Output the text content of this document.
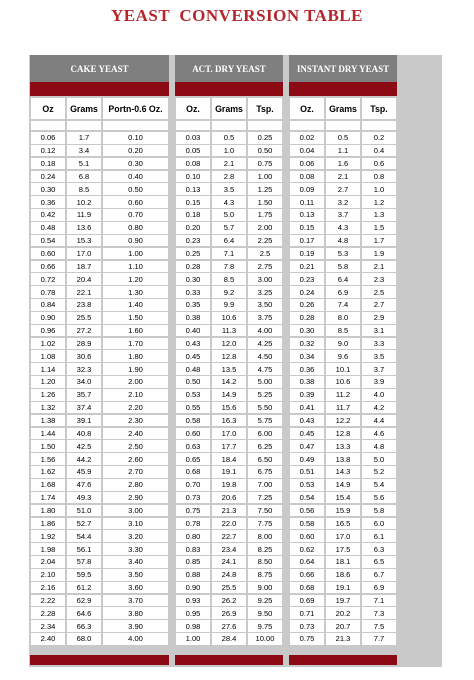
YEAST  CONVERSION TABLE
CAKE YEAST	ACT. DRY YEAST	INSTANT DRY YEAST
Oz	Grams	Portn-0.6 Oz.	Oz.	Grams	Tsp.	Oz.	Grams	Tsp.
0.06	1.7	0.10	0.03	0.5	0.25	0.02	0.5	0.2
0.12	3.4	0.20	0.05	1.0	0.50	0.04	1.1	0.4
0.18	5.1	0.30	0.08	2.1	0.75	0.06	1.6	0.6
0.24	6.8	0.40	0.10	2.8	1.00	0.08	2.1	0.8
0.30	8.5	0.50	0.13	3.5	1.25	0.09	2.7	1.0
0.36	10.2	0.60	0.15	4.3	1.50	0.11	3.2	1.2
0.42	11.9	0.70	0.18	5.0	1.75	0.13	3.7	1.3
0.48	13.6	0.80	0.20	5.7	2.00	0.15	4.3	1.5
0.54	15.3	0.90	0.23	6.4	2.25	0.17	4.8	1.7
0.60	17.0	1.00	0.25	7.1	2.5	0.19	5.3	1.9
0.66	18.7	1.10	0.28	7.8	2.75	0.21	5.8	2.1
0.72	20.4	1.20	0.30	8.5	3.00	0.23	6.4	2.3
0.78	22.1	1.30	0.33	9.2	3.25	0.24	6.9	2.5
0.84	23.8	1.40	0.35	9.9	3.50	0.26	7.4	2.7
0.90	25.5	1.50	0.38	10.6	3.75	0.28	8.0	2.9
0.96	27.2	1.60	0.40	11.3	4.00	0.30	8.5	3.1
1.02	28.9	1.70	0.43	12.0	4.25	0.32	9.0	3.3
1.08	30.6	1.80	0.45	12.8	4.50	0.34	9.6	3.5
1.14	32.3	1.90	0.48	13.5	4.75	0.36	10.1	3.7
1.20	34.0	2.00	0.50	14.2	5.00	0.38	10.6	3.9
1.26	35.7	2.10	0.53	14.9	5.25	0.39	11.2	4.0
1.32	37.4	2.20	0.55	15.6	5.50	0.41	11.7	4.2
1.38	39.1	2.30	0.58	16.3	5.75	0.43	12.2	4.4
1.44	40.8	2.40	0.60	17.0	6.00	0.45	12.8	4.6
1.50	42.5	2.50	0.63	17.7	6.25	0.47	13.3	4.8
1.56	44.2	2.60	0.65	18.4	6.50	0.49	13.8	5.0
1.62	45.9	2.70	0.68	19.1	6.75	0.51	14.3	5.2
1.68	47.6	2.80	0.70	19.8	7.00	0.53	14.9	5.4
1.74	49.3	2.90	0.73	20.6	7.25	0.54	15.4	5.6
1.80	51.0	3.00	0.75	21.3	7.50	0.56	15.9	5.8
1.86	52.7	3.10	0.78	22.0	7.75	0.58	16.5	6.0
1.92	54.4	3.20	0.80	22.7	8.00	0.60	17.0	6.1
1.98	56.1	3.30	0.83	23.4	8.25	0.62	17.5	6.3
2.04	57.8	3.40	0.85	24.1	8.50	0.64	18.1	6.5
2.10	59.5	3.50	0.88	24.8	8.75	0.66	18.6	6.7
2.16	61.2	3.60	0.90	25.5	9.00	0.68	19.1	6.9
2.22	62.9	3.70	0.93	26.2	9.25	0.69	19.7	7.1
2.28	64.6	3.80	0.95	26.9	9.50	0.71	20.2	7.3
2.34	66.3	3.90	0.98	27.6	9.75	0.73	20.7	7.5
2.40	68.0	4.00	1.00	28.4	10.00	0.75	21.3	7.7
